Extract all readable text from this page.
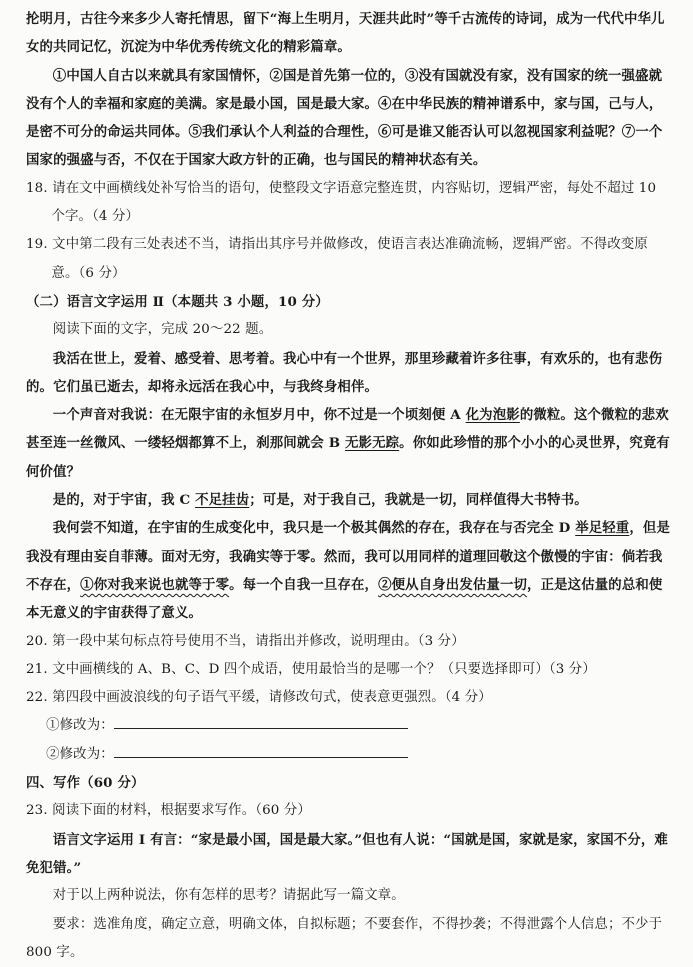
抡明月，古往今来多少人寄托情思，留下“海上生明月，天涯共此时”等千古流传的诗词，成为一代代中华儿女的共同记忆，沉淀为中华优秀传统文化的精彩篇章。

①中国人自古以来就具有家国情怀，②国是首先第一位的，③没有国就没有家，没有国家的统一强盛就没有个人的幸福和家庭的美满。家是最小国，国是最大家。④在中华民族的精神谱系中，家与国，己与人，是密不可分的命运共同体。⑤我们承认个人利益的合理性，⑥可是谁又能否认可以忽视国家利益呢？⑦一个国家的强盛与否，不仅在于国家大政方针的正确，也与国民的精神状态有关。

18. 请在文中画横线处补写恰当的语句，使整段文字语意完整连贯，内容贴切，逻辑严密，每处不超过 10 个字。（4 分）

19. 文中第二段有三处表述不当，请指出其序号并做修改，使语言表达准确流畅，逻辑严密。不得改变原意。（6 分）

（二）语言文字运用 Ⅱ（本题共 3 小题，10 分）

阅读下面的文字，完成 20～22 题。

我活在世上，爱着、感受着、思考着。我心中有一个世界，那里珍藏着许多往事，有欢乐的，也有悲伤的。它们虽已逝去，却将永远活在我心中，与我终身相伴。

一个声音对我说：在无限宇宙的永恒岁月中，你不过是一个顷刻便 A 化为泡影的微粒。这个微粒的悲欢甚至连一丝微风、一缕轻烟都算不上，刹那间就会 B 无影无踪。你如此珍惜的那个小小的心灵世界，究竟有何价值？

是的，对于宇宙，我 C 不足挂齿；可是，对于我自己，我就是一切，同样值得大书特书。

我何尝不知道，在宇宙的生成变化中，我只是一个极其偶然的存在，我存在与否完全 D 举足轻重，但是我没有理由妄自菲薄。面对无穷，我确实等于零。然而，我可以用同样的道理回敬这个傲慢的宇宙：倘若我不存在，①你对我来说也就等于零。每一个自我一旦存在，②便从自身出发估量一切，正是这估量的总和使本无意义的宇宙获得了意义。

20. 第一段中某句标点符号使用不当，请指出并修改，说明理由。（3 分）

21. 文中画横线的 A、B、C、D 四个成语，使用最恰当的是哪一个？（只要选择即可）（3 分）

22. 第四段中画波浪线的句子语气平缓，请修改句式，使表意更强烈。（4 分）

①修改为：

②修改为：

四、写作（60 分）

23. 阅读下面的材料，根据要求写作。（60 分）

语言文字运用 Ⅰ 有言：“家是最小国，国是最大家。”但也有人说：“国就是国，家就是家，家国不分，难免犯错。”

对于以上两种说法，你有怎样的思考？请据此写一篇文章。

要求：选准角度，确定立意，明确文体，自拟标题；不要套作，不得抄袭；不得泄露个人信息；不少于 800 字。
